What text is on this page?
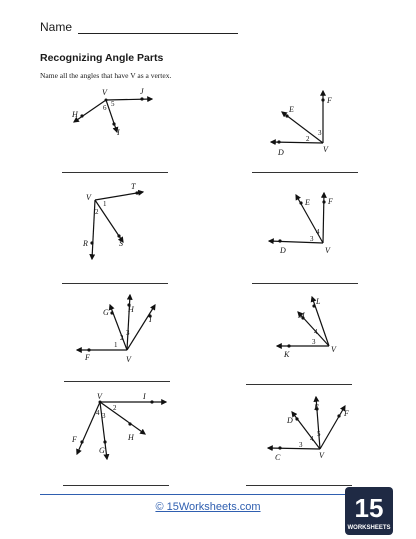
Name
Recognizing Angle Parts
Name all the angles that have V as a vertex.
V	J
H
I
6 5
E
F
D	V
2
3
V
T
R	S
1
2
E F
D	V
3
4
G H
I
F	V
1
2
3
M
L
K
V
3
4
V	I
F
G
H
4 3
2
D
E
F
C	V
3
4
5
© 15Worksheets.com	15
WORKSHEETS
